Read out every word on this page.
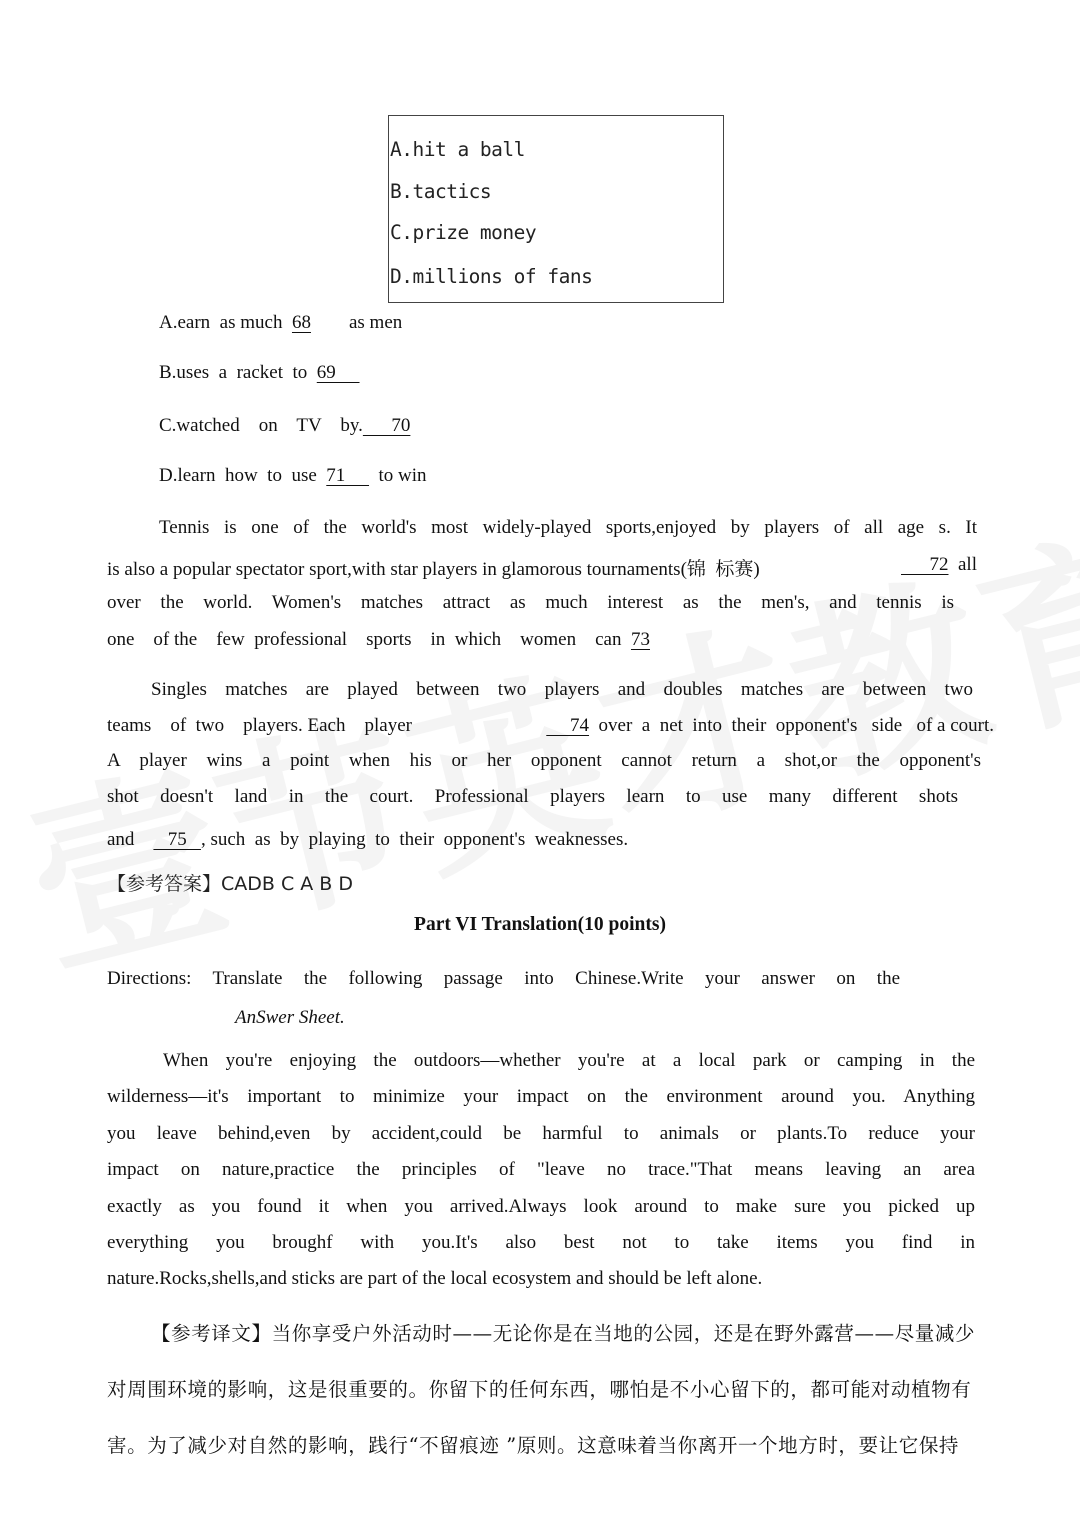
A.hit a ball
B.tactics
C.prize money
D.millions of fans
A.earn  as much  68        as men
B.uses  a  racket  to  69
C.watched    on    TV    by.      70
D.learn  how  to  use  71       to win
Tennis is one of the world's most widely-played sports,enjoyed by players of all age s. It
is also a popular spectator sport,with star players in glamorous tournaments(锦  标赛)	72  all
over the world. Women's matches attract as much interest as the men's, and tennis is
one    of the    few  professional    sports    in  which    women    can  73
Singles matches are played between two players and doubles matches are between two
teams    of  two    players. Each    player	74  over  a  net  into  their  opponent's   side   of a court.
A player wins a point when his or her opponent cannot return a shot,or the opponent's
shot doesn't land in the court. Professional players learn to use many different shots
and       75   , such  as  by  playing  to  their  opponent's  weaknesses.
【参考答案】CADB C A B D
Part VI Translation(10 points)
Directions: Translate the following passage into Chinese.Write your answer on the
AnSwer Sheet.
When you're enjoying the outdoors—whether you're at a local park or camping in the
wilderness—it's important to minimize your impact on the environment around you. Anything
you leave behind,even by accident,could be harmful to animals or plants.To reduce your
impact on nature,practice the principles of "leave no trace."That means leaving an area
exactly as you found it when you arrived.Always look around to make sure you picked up
everything you broughf with you.It's also best not to take items you find in
nature.Rocks,shells,and sticks are part of the local ecosystem and should be left alone.
【参考译文】当你享受户外活动时——无论你是在当地的公园，还是在野外露营——尽量减少
对周围环境的影响，这是很重要的。你留下的任何东西，哪怕是不小心留下的，都可能对动植物有
害。为了减少对自然的影响，践行“不留痕迹 ”原则。这意味着当你离开一个地方时，要让它保持
